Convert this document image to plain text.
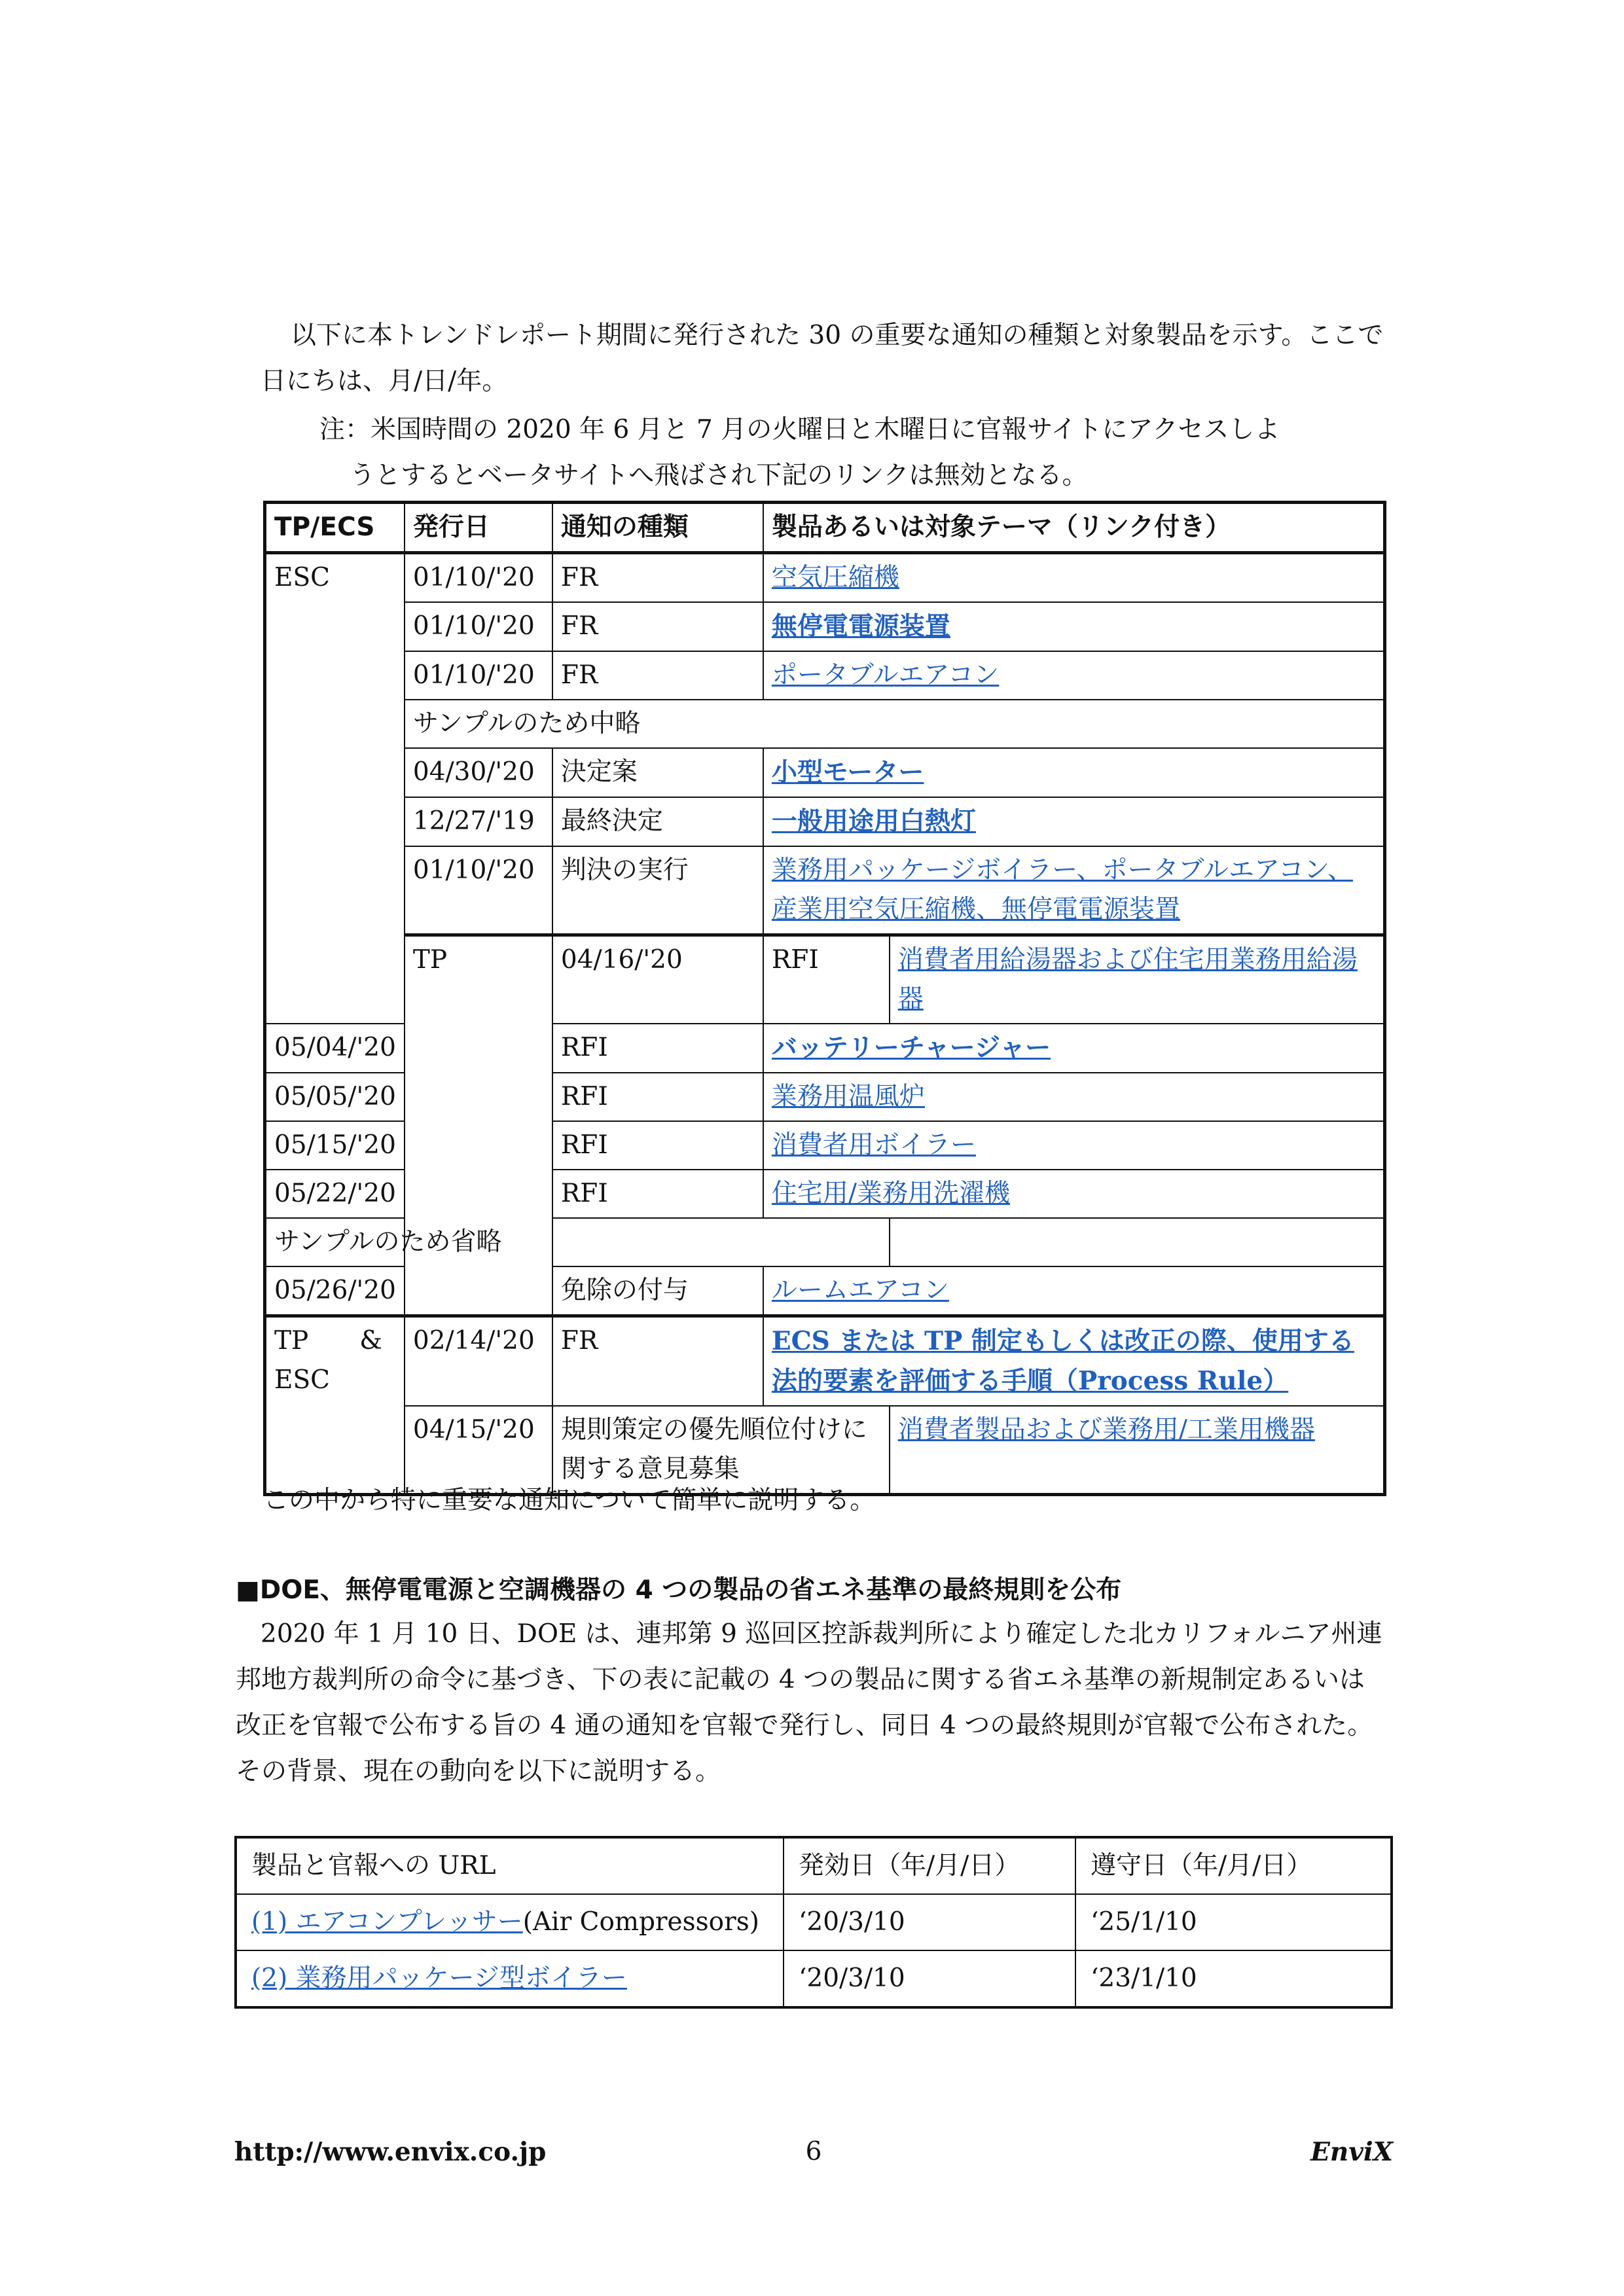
以下に本トレンドレポート期間に発行された 30 の重要な通知の種類と対象製品を示す。ここで日にちは、月/日/年。

注：米国時間の 2020 年 6 月と 7 月の火曜日と木曜日に官報サイトにアクセスしよ
うとするとベータサイトへ飛ばされ下記のリンクは無効となる。

TP/ECS	発行日	通知の種類	製品あるいは対象テーマ（リンク付き）	
ESC	01/10/'20	FR	空気圧縮機	
	01/10/'20	FR	無停電電源装置	
	01/10/'20	FR	ポータブルエアコン	
	サンプルのため中略			
	04/30/'20	決定案	小型モーター	
	12/27/'19	最終決定	一般用途用白熱灯	
	01/10/'20	判決の実行	業務用パッケージボイラー、ポータブルエアコン、産業用空気圧縮機、無停電電源装置	
	TP	04/16/'20	RFI	消費者用給湯器および住宅用業務用給湯器
05/04/'20		RFI	バッテリーチャージャー	
05/05/'20		RFI	業務用温風炉	
05/15/'20		RFI	消費者用ボイラー	
05/22/'20		RFI	住宅用/業務用洗濯機	
サンプルのため省略				
05/26/'20		免除の付与	ルームエアコン	
TP　　&
ESC	02/14/'20	FR	ECS または TP 制定もしくは改正の際、使用する法的要素を評価する手順（Process Rule）	
	04/15/'20	規則策定の優先順位付けに関する意見募集		消費者製品および業務用/工業用機器

この中から特に重要な通知について簡単に説明する。

■DOE、無停電電源と空調機器の 4 つの製品の省エネ基準の最終規則を公布

2020 年 1 月 10 日、DOE は、連邦第 9 巡回区控訴裁判所により確定した北カリフォルニア州連邦地方裁判所の命令に基づき、下の表に記載の 4 つの製品に関する省エネ基準の新規制定あるいは改正を官報で公布する旨の 4 通の通知を官報で発行し、同日 4 つの最終規則が官報で公布された。その背景、現在の動向を以下に説明する。

製品と官報への URL	発効日（年/月/日）	遵守日（年/月/日）
(1) エアコンプレッサー(Air Compressors)	‘20/3/10	‘25/1/10
(2) 業務用パッケージ型ボイラー	‘20/3/10	‘23/1/10
http://www.envix.co.jp	6	EnviX
